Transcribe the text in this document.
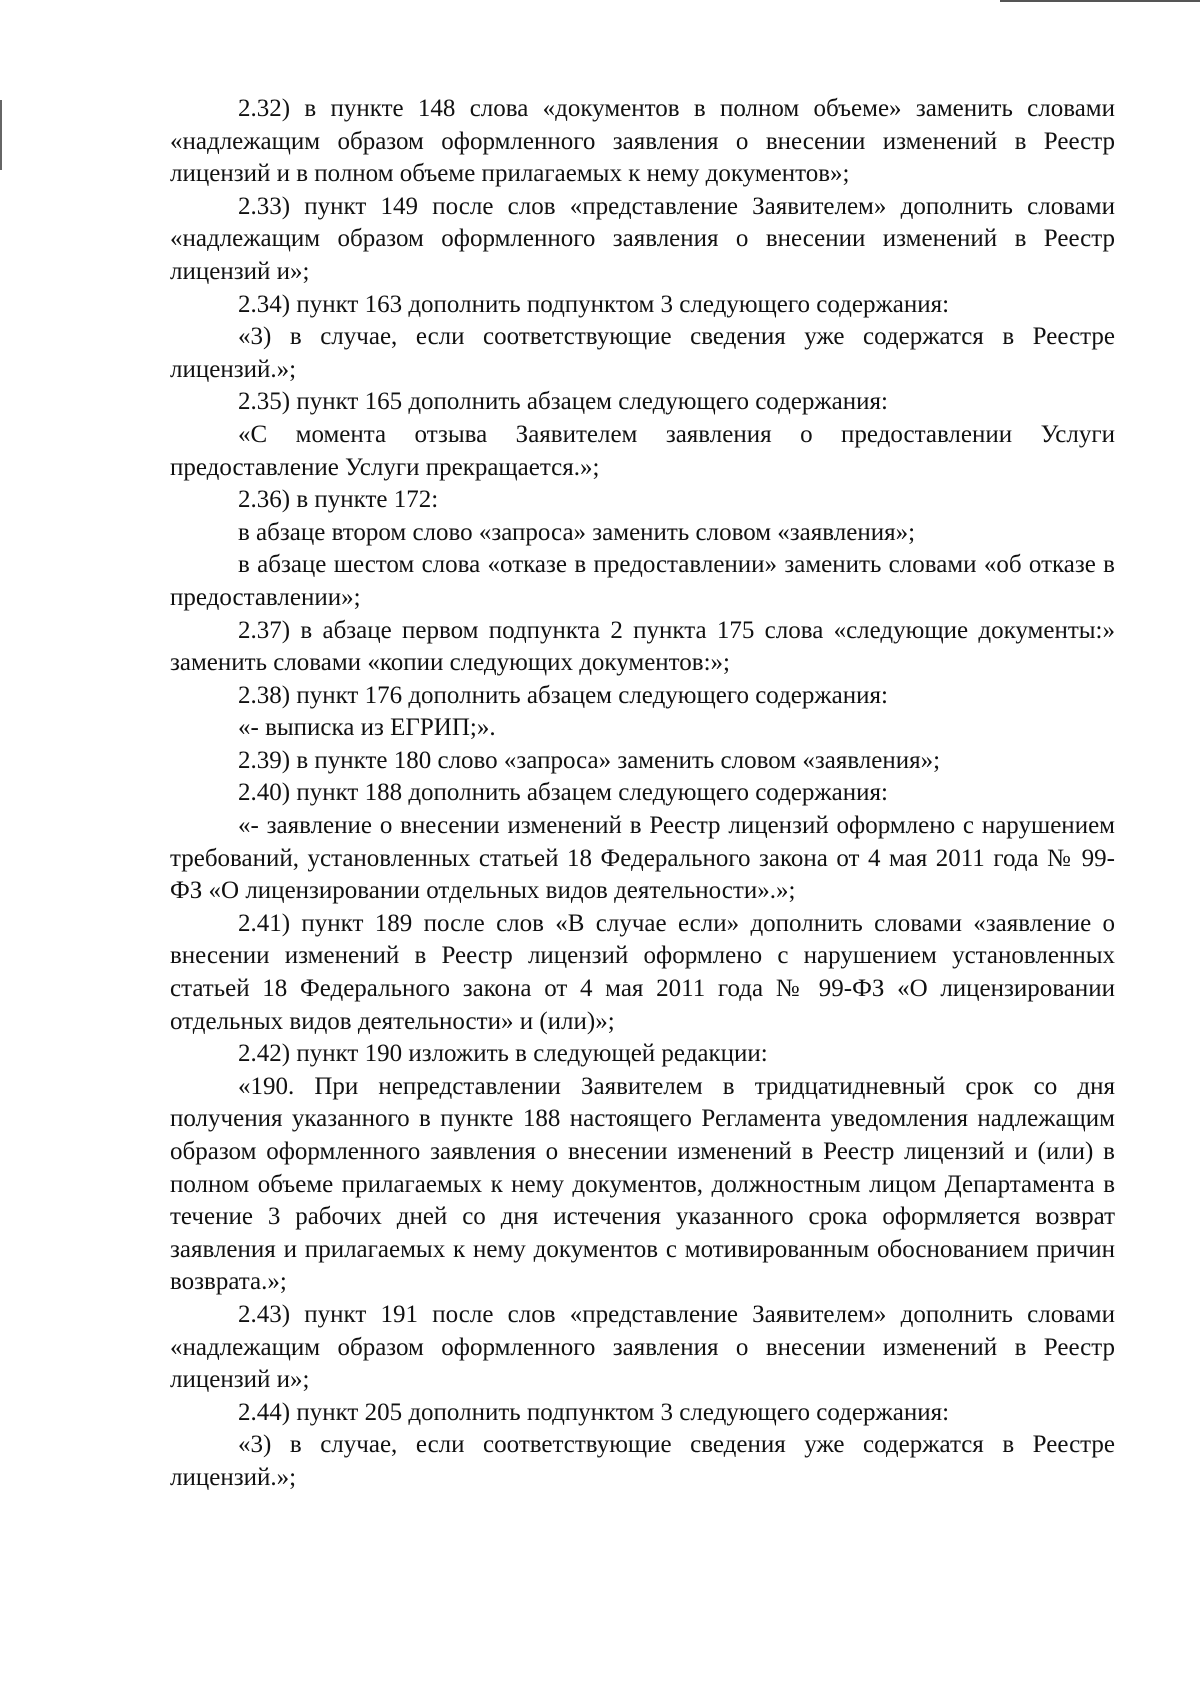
2.32) в пункте 148 слова «документов в полном объеме» заменить словами «надлежащим образом оформленного заявления о внесении изменений в Реестр лицензий и в полном объеме прилагаемых к нему документов»;

2.33) пункт 149 после слов «представление Заявителем» дополнить словами «надлежащим образом оформленного заявления о внесении изменений в Реестр лицензий и»;

2.34) пункт 163 дополнить подпунктом 3 следующего содержания:

«3) в случае, если соответствующие сведения уже содержатся в Реестре лицензий.»;

2.35) пункт 165 дополнить абзацем следующего содержания:

«С момента отзыва Заявителем заявления о предоставлении Услуги предоставление Услуги прекращается.»;

2.36) в пункте 172:

в абзаце втором слово «запроса» заменить словом «заявления»;

в абзаце шестом слова «отказе в предоставлении» заменить словами «об отказе в предоставлении»;

2.37) в абзаце первом подпункта 2 пункта 175 слова «следующие документы:» заменить словами «копии следующих документов:»;

2.38) пункт 176 дополнить абзацем следующего содержания:

«- выписка из ЕГРИП;».

2.39) в пункте 180 слово «запроса» заменить словом «заявления»;

2.40) пункт 188 дополнить абзацем следующего содержания:

«- заявление о внесении изменений в Реестр лицензий оформлено с нарушением требований, установленных статьей 18 Федерального закона от 4 мая 2011 года № 99-ФЗ «О лицензировании отдельных видов деятельности».»;

2.41) пункт 189 после слов «В случае если» дополнить словами «заявление о внесении изменений в Реестр лицензий оформлено с нарушением установленных статьей 18 Федерального закона от 4 мая 2011 года № 99-ФЗ «О лицензировании отдельных видов деятельности» и (или)»;

2.42) пункт 190 изложить в следующей редакции:

«190. При непредставлении Заявителем в тридцатидневный срок со дня получения указанного в пункте 188 настоящего Регламента уведомления надлежащим образом оформленного заявления о внесении изменений в Реестр лицензий и (или) в полном объеме прилагаемых к нему документов, должностным лицом Департамента в течение 3 рабочих дней со дня истечения указанного срока оформляется возврат заявления и прилагаемых к нему документов с мотивированным обоснованием причин возврата.»;

2.43) пункт 191 после слов «представление Заявителем» дополнить словами «надлежащим образом оформленного заявления о внесении изменений в Реестр лицензий и»;

2.44) пункт 205 дополнить подпунктом 3 следующего содержания:

«3) в случае, если соответствующие сведения уже содержатся в Реестре лицензий.»;
